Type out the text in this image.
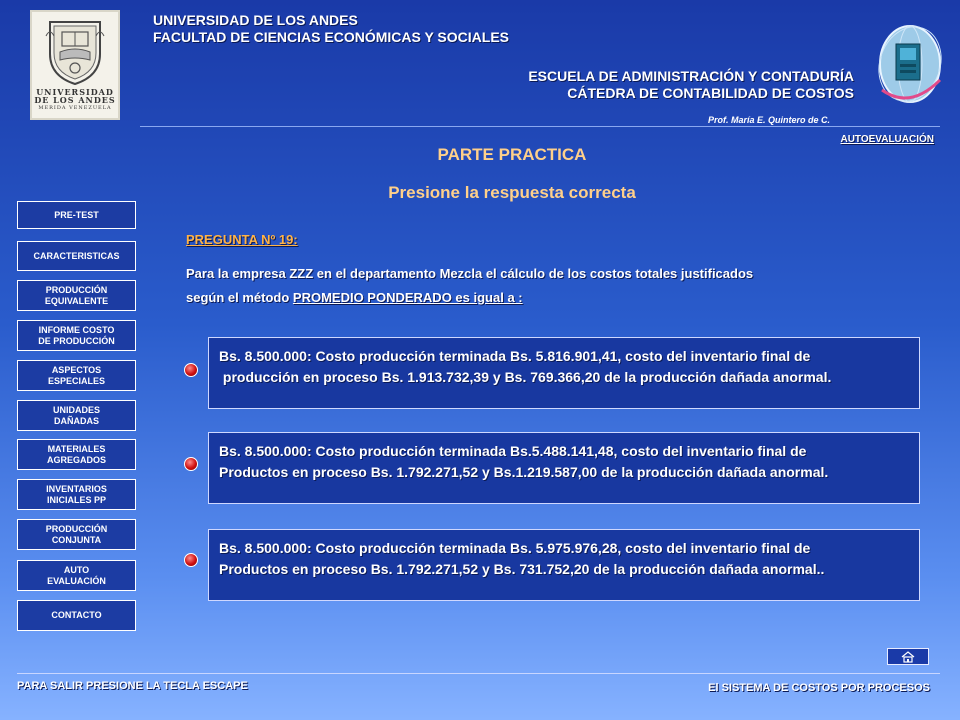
UNIVERSIDAD
DE LOS ANDES
MERIDA VENEZUELA
UNIVERSIDAD DE LOS ANDES
FACULTAD DE CIENCIAS ECONÓMICAS Y SOCIALES
ESCUELA DE ADMINISTRACIÓN Y CONTADURÍA
CÁTEDRA DE CONTABILIDAD DE COSTOS
Prof. María E. Quintero de C.
AUTOEVALUACIÓN
PARTE PRACTICA
Presione la respuesta correcta
PRE-TEST
CARACTERISTICAS
PRODUCCIÓN
EQUIVALENTE
INFORME COSTO
DE PRODUCCIÓN
ASPECTOS
ESPECIALES
UNIDADES
DAÑADAS
MATERIALES
AGREGADOS
INVENTARIOS
INICIALES PP
PRODUCCIÓN
CONJUNTA
AUTO
EVALUACIÓN
CONTACTO
PREGUNTA Nº 19:
Para la empresa ZZZ en el departamento Mezcla el cálculo de los costos totales justificados
según el método PROMEDIO PONDERADO es igual a :
Bs. 8.500.000: Costo producción terminada Bs. 5.816.901,41, costo del inventario final de
producción en proceso Bs. 1.913.732,39 y Bs. 769.366,20 de la producción dañada anormal.
Bs. 8.500.000: Costo producción terminada Bs.5.488.141,48, costo del inventario final de
Productos en proceso Bs. 1.792.271,52 y Bs.1.219.587,00 de la producción dañada anormal.
Bs. 8.500.000: Costo producción terminada Bs. 5.975.976,28, costo del inventario final de
Productos en proceso Bs. 1.792.271,52 y Bs. 731.752,20 de la producción dañada anormal..
PARA SALIR PRESIONE LA TECLA ESCAPE	El SISTEMA DE COSTOS POR PROCESOS
